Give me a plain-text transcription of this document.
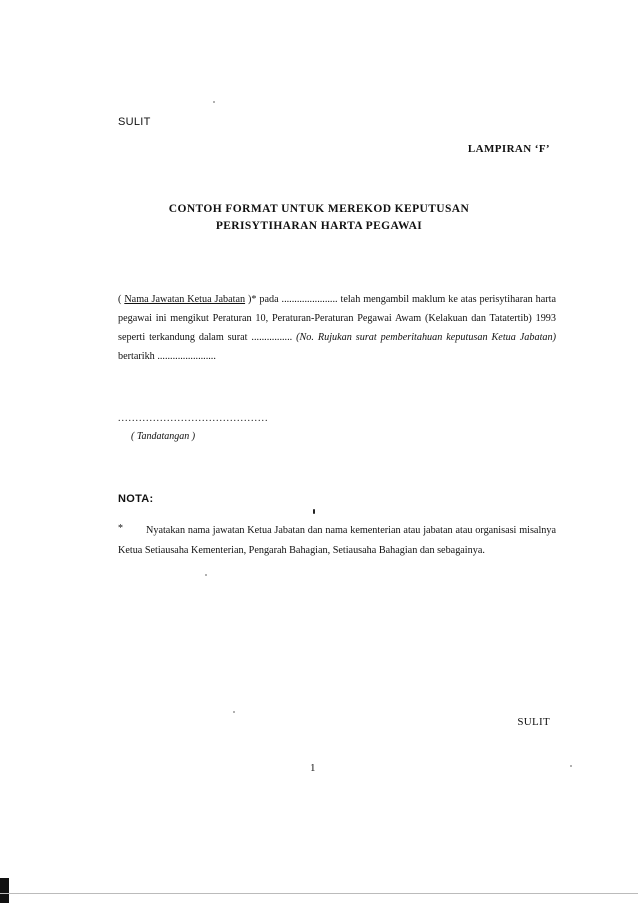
SULIT
LAMPIRAN ‘F’
CONTOH FORMAT UNTUK MEREKOD KEPUTUSAN
PERISYTIHARAN HARTA PEGAWAI
( Nama Jawatan Ketua Jabatan )* pada ...................... telah mengambil maklum ke atas perisytiharan harta pegawai ini mengikut Peraturan 10, Peraturan-Peraturan Pegawai Awam (Kelakuan dan Tatatertib) 1993 seperti terkandung dalam surat ................ (No. Rujukan surat pemberitahuan keputusan Ketua Jabatan) bertarikh .......................
...........................................
( Tandatangan )
NOTA:
*	Nyatakan nama jawatan Ketua Jabatan dan nama kementerian atau jabatan atau organisasi misalnya Ketua Setiausaha Kementerian, Pengarah Bahagian, Setiausaha Bahagian dan sebagainya.
SULIT
1
